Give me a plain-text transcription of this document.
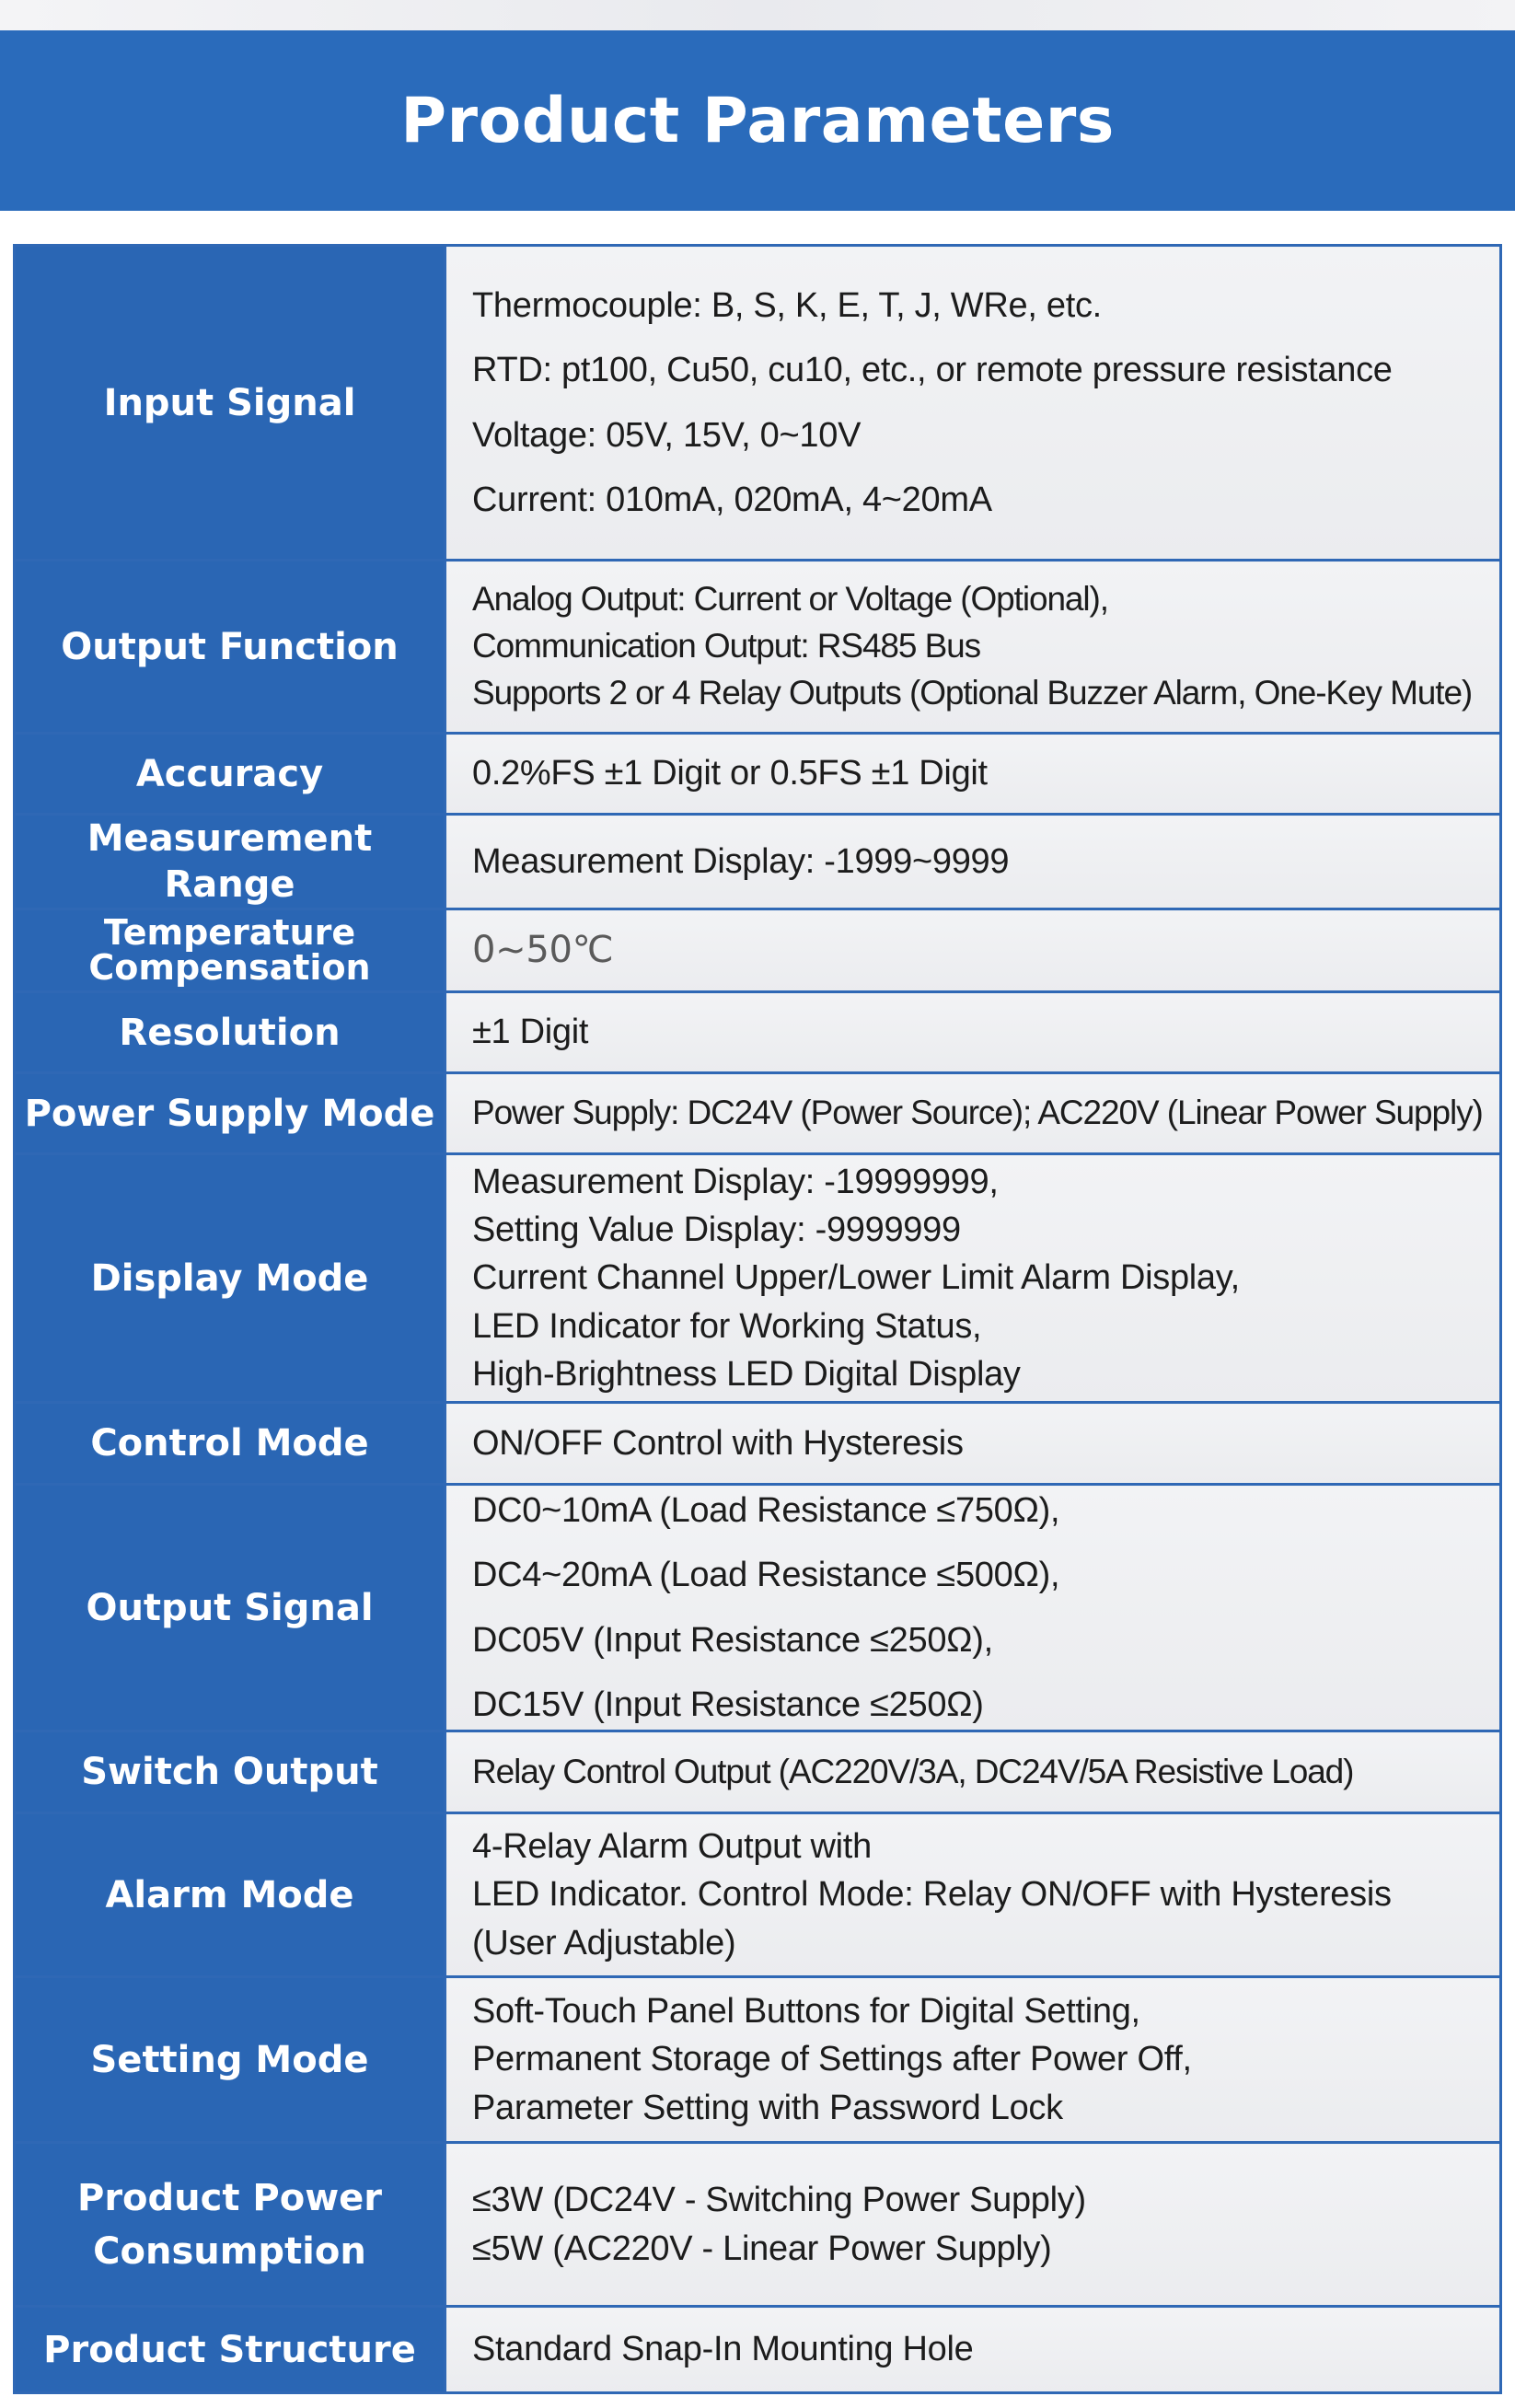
Product Parameters
Input Signal	Thermocouple: B, S, K, E, T, J, WRe, etc.
RTD: pt100, Cu50, cu10, etc., or remote pressure resistance
Voltage: 05V, 15V, 0~10V
Current: 010mA, 020mA, 4~20mA

Output Function	Analog Output: Current or Voltage (Optional),
Communication Output: RS485 Bus
Supports 2 or 4 Relay Outputs (Optional Buzzer Alarm, One-Key Mute)

Accuracy	0.2%FS ±1 Digit or 0.5FS ±1 Digit

Measurement Range	Measurement Display: -1999~9999

Temperature
Compensation	0~50℃

Resolution	±1 Digit

Power Supply Mode	Power Supply: DC24V (Power Source); AC220V (Linear Power Supply)

Display Mode	Measurement Display: -19999999,
Setting Value Display: -9999999
Current Channel Upper/Lower Limit Alarm Display,
LED Indicator for Working Status,
High-Brightness LED Digital Display

Control Mode	ON/OFF Control with Hysteresis

Output Signal	DC0~10mA (Load Resistance ≤750Ω),
DC4~20mA (Load Resistance ≤500Ω),
DC05V (Input Resistance ≤250Ω),
DC15V (Input Resistance ≤250Ω)

Switch Output	Relay Control Output (AC220V/3A, DC24V/5A Resistive Load)

Alarm Mode	4-Relay Alarm Output with
LED Indicator. Control Mode: Relay ON/OFF with Hysteresis
(User Adjustable)

Setting Mode	Soft-Touch Panel Buttons for Digital Setting,
Permanent Storage of Settings after Power Off,
Parameter Setting with Password Lock

Product Power
Consumption	≤3W (DC24V - Switching Power Supply)
≤5W (AC220V - Linear Power Supply)

Product Structure	Standard Snap-In Mounting Hole
